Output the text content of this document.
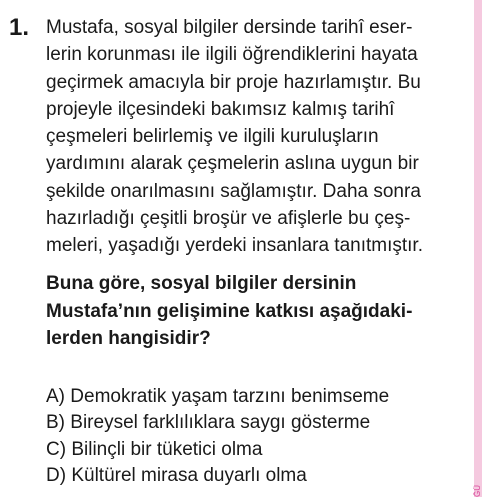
1. Mustafa, sosyal bilgiler dersinde tarihî eser-
lerin korunması ile ilgili öğrendiklerini hayata
geçirmek amacıyla bir proje hazırlamıştır. Bu
projeyle ilçesindeki bakımsız kalmış tarihî
çeşmeleri belirlemiş ve ilgili kuruluşların
yardımını alarak çeşmelerin aslına uygun bir
şekilde onarılmasını sağlamıştır. Daha sonra
hazırladığı çeşitli broşür ve afişlerle bu çeş-
meleri, yaşadığı yerdeki insanlara tanıtmıştır.
Buna göre, sosyal bilgiler dersinin
Mustafa’nın gelişimine katkısı aşağıdaki-
lerden hangisidir?
A) Demokratik yaşam tarzını benimseme
B) Bireysel farklılıklara saygı gösterme
C) Bilinçli bir tüketici olma
D) Kültürel mirasa duyarlı olma
ĞÜ
